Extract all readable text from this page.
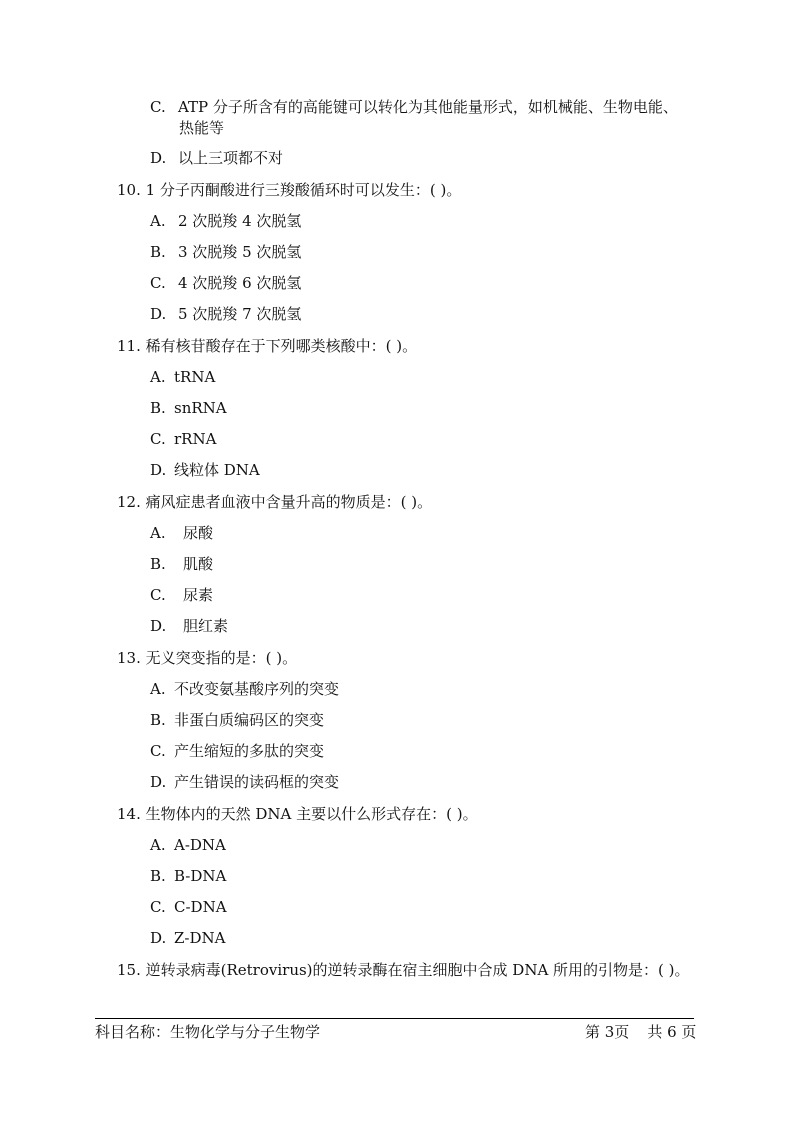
C. ATP 分子所含有的高能键可以转化为其他能量形式，如机械能、生物电能、
热能等
D. 以上三项都不对
10. 1 分子丙酮酸进行三羧酸循环时可以发生：( )。
A. 2 次脱羧 4 次脱氢
B. 3 次脱羧 5 次脱氢
C. 4 次脱羧 6 次脱氢
D. 5 次脱羧 7 次脱氢
11. 稀有核苷酸存在于下列哪类核酸中：( )。
A. tRNA
B. snRNA
C. rRNA
D. 线粒体 DNA
12. 痛风症患者血液中含量升高的物质是：( )。
A. 尿酸
B. 肌酸
C. 尿素
D. 胆红素
13. 无义突变指的是：( )。
A. 不改变氨基酸序列的突变
B. 非蛋白质编码区的突变
C. 产生缩短的多肽的突变
D. 产生错误的读码框的突变
14. 生物体内的天然 DNA 主要以什么形式存在：( )。
A. A-DNA
B. B-DNA
C. C-DNA
D. Z-DNA
15. 逆转录病毒(Retrovirus)的逆转录酶在宿主细胞中合成 DNA 所用的引物是：( )。
科目名称：生物化学与分子生物学	第 3页 共 6 页
